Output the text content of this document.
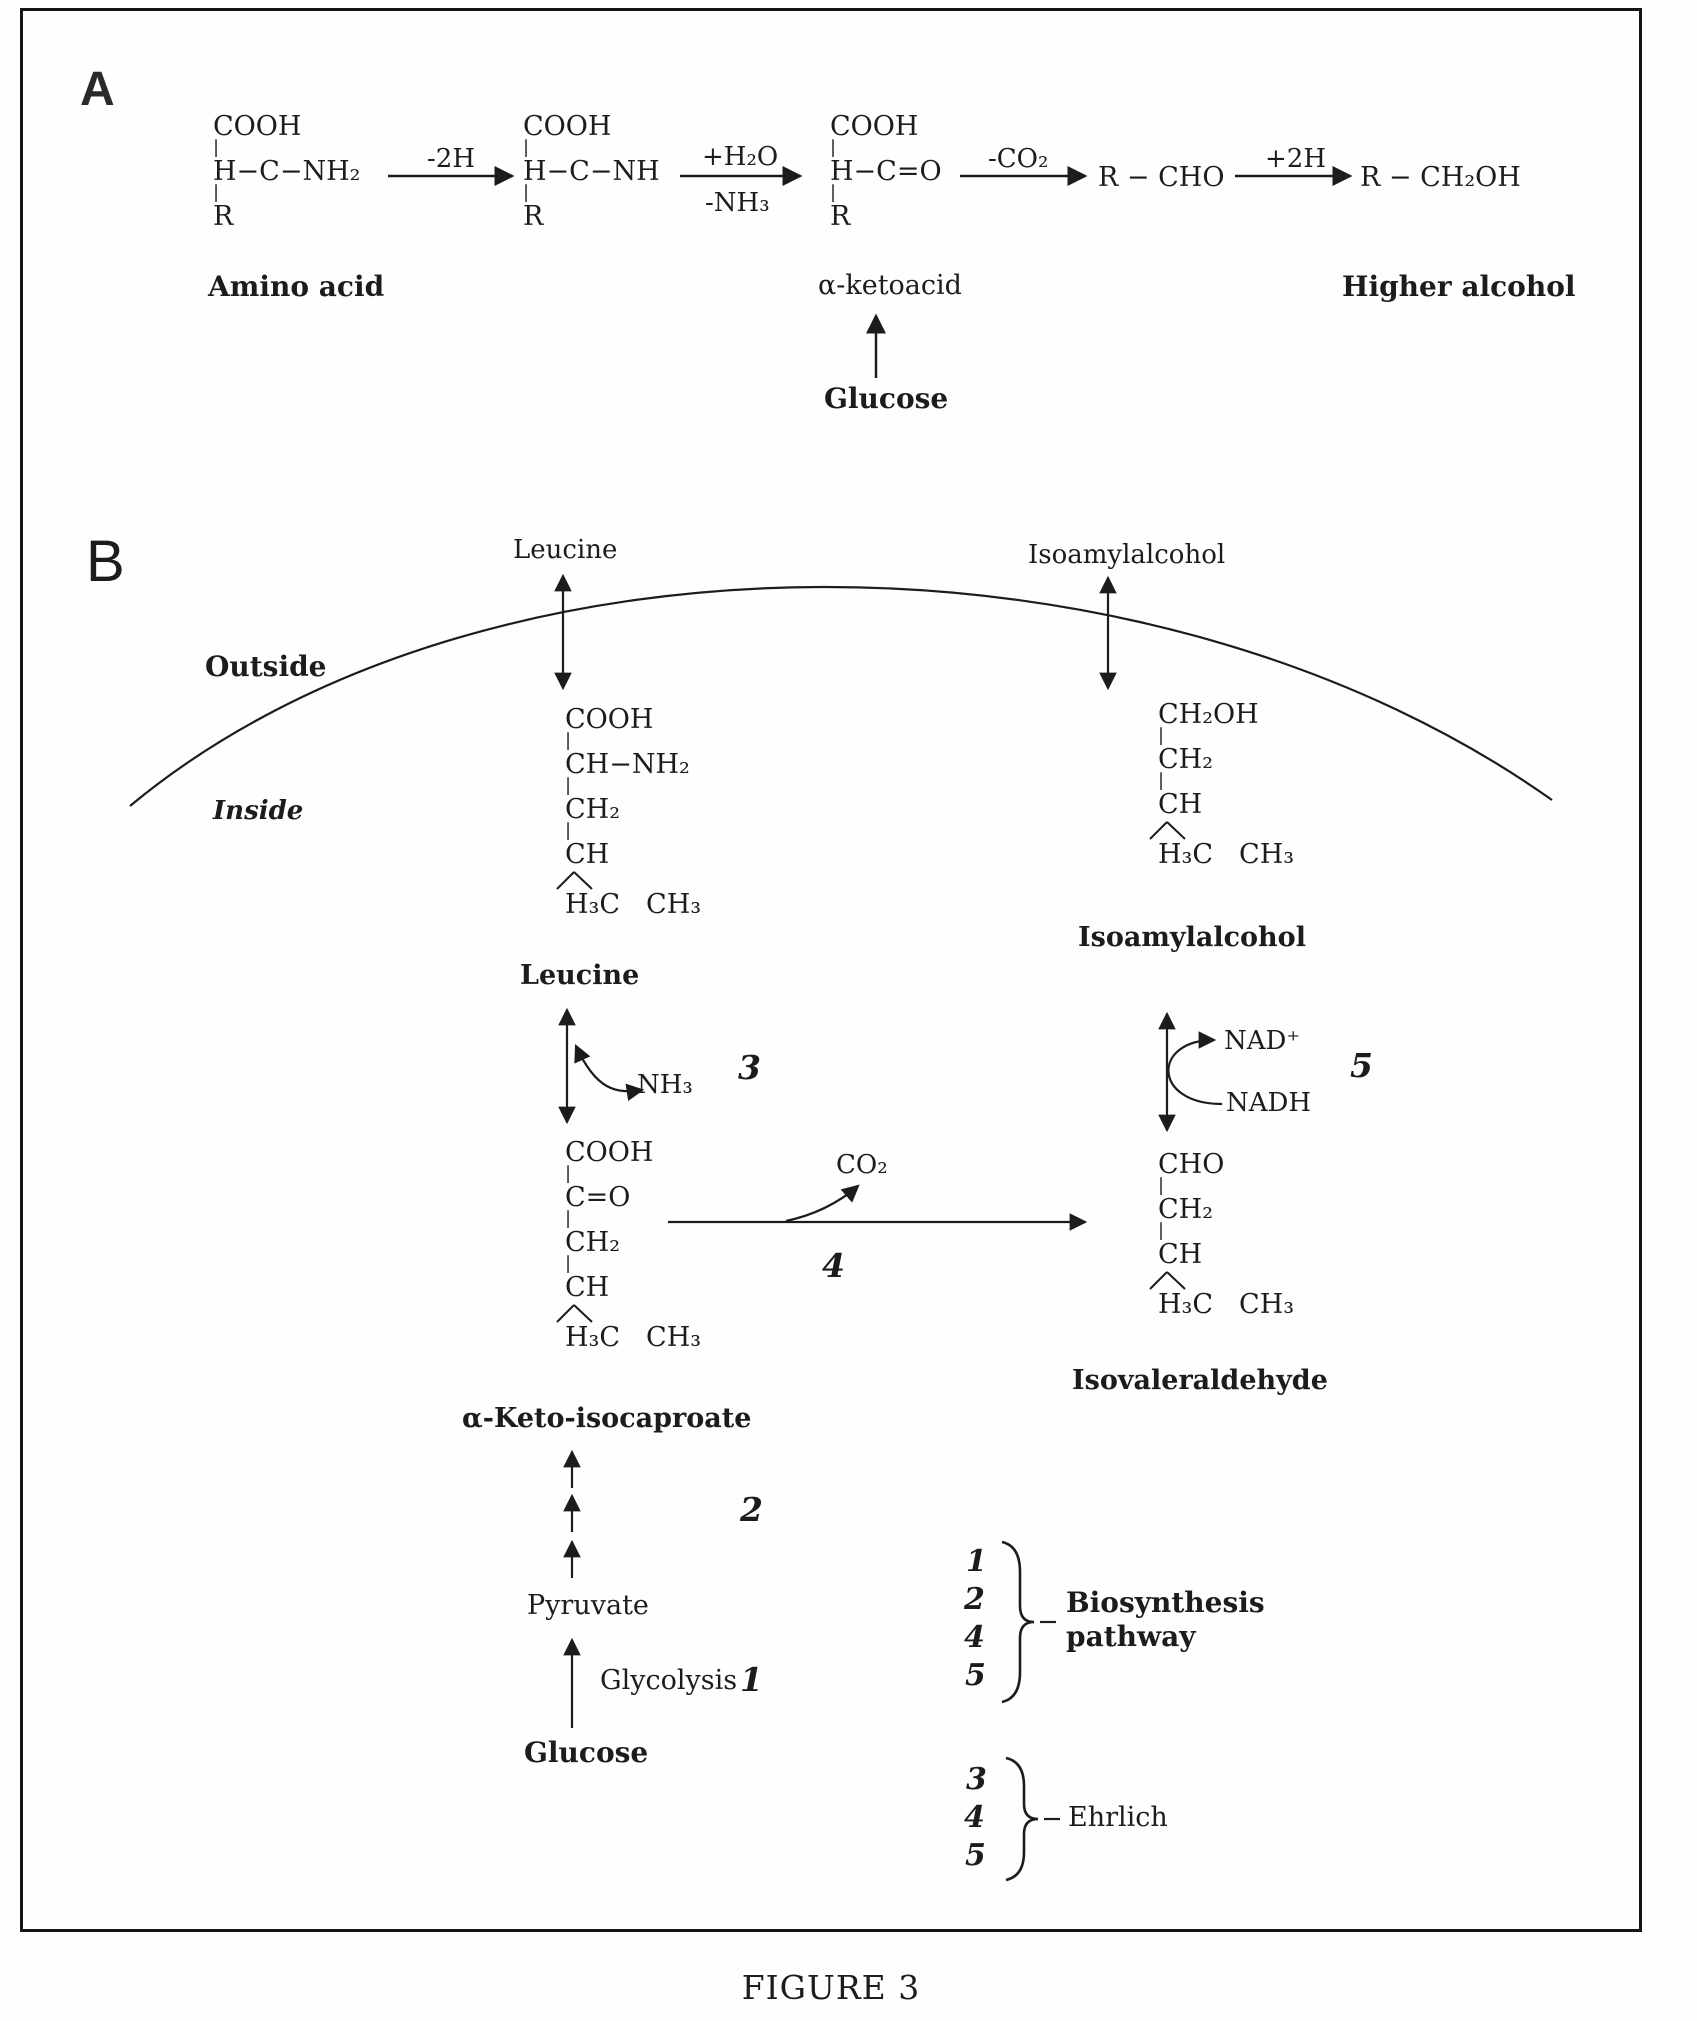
A
COOH
|
H−C−NH₂
|
R
Amino acid
-2H
COOH
|
H−C−NH
|
R
+H₂O
-NH₃
COOH
|
H−C=O
|
R
α-ketoacid
Glucose
-CO₂
R − CHO
+2H
R − CH₂OH
Higher alcohol
B	Leucine	Isoamylalcohol
Outside
Inside
COOH
|
CH−NH₂
|
CH₂
|
CH
H₃C CH₃
Leucine
CH₂OH
|
CH₂
|
CH
H₃C CH₃
Isoamylalcohol
NH₃ 3
NAD⁺
NADH
5
COOH
|
C=O
|
CH₂
|
CH
H₃C CH₃
α-Keto-isocaproate
CO₂
4
CHO
|
CH₂
|
CH
H₃C CH₃
Isovaleraldehyde
2
Pyruvate
Glycolysis 1
Glucose
1
2
4
5
Biosynthesis
pathway
3
4
5
Ehrlich
FIGURE 3
